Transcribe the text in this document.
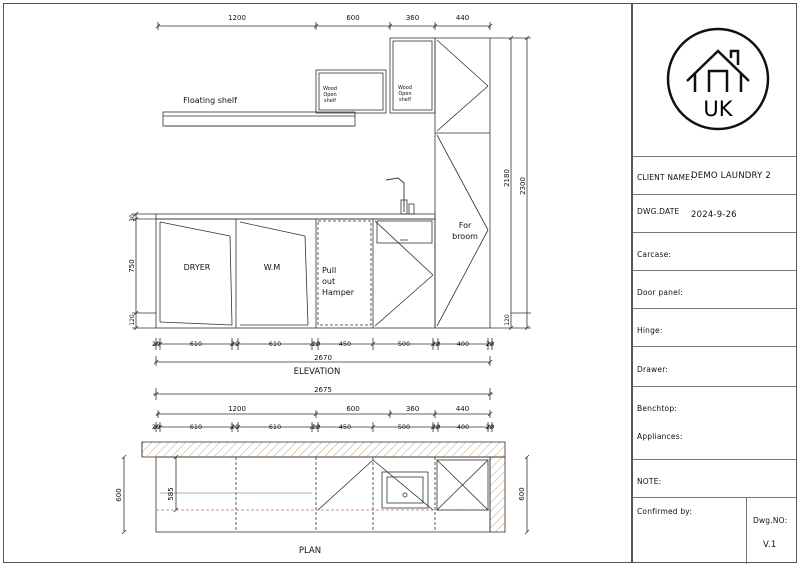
1200	600	360	440
Floating shelf
Wood
Open
shelf
Wood
Open
shelf
For
broom
DRYER	W.M	Pull
out
Hamper
30
750
120
2180 2300
120
20	610	20	610	20	450	500	20	400	20
2670
ELEVATION
2675
1200	600	360	440
20	610	20	610	20	450	500	20	400	20
600	585	600
PLAN
UK
CLIENT NAME:
DEMO LAUNDRY 2
DWG.DATE 2024-9-26
Carcase:
Door panel:
Hinge:
Drawer:
Benchtop:
Appliances:
NOTE:
Confirmed by:
Dwg.NO:
V.1
